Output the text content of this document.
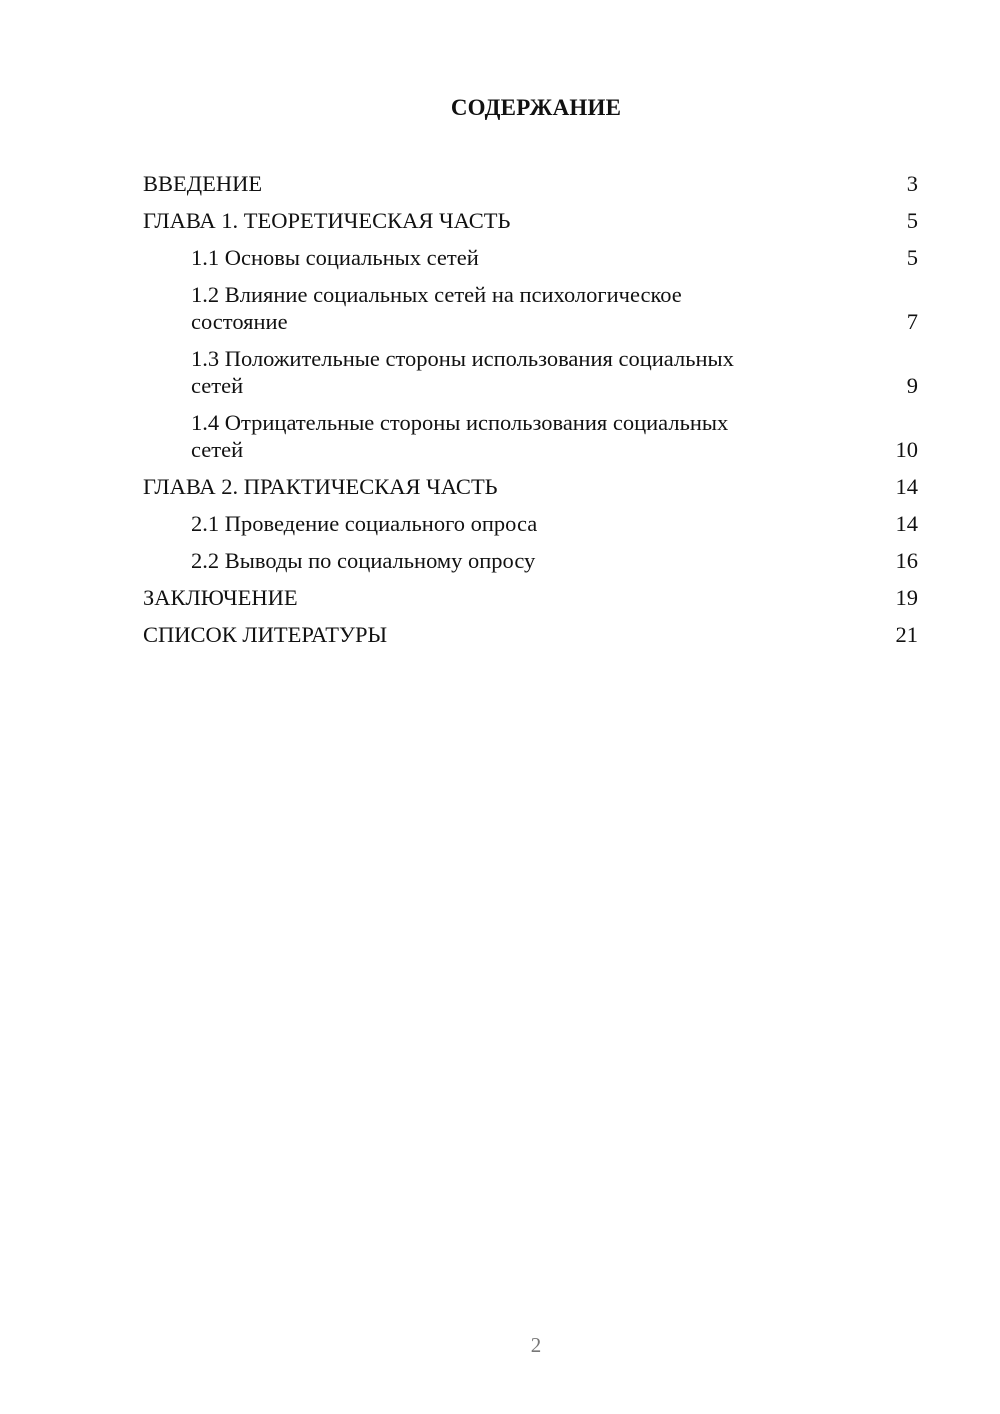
СОДЕРЖАНИЕ
ВВЕДЕНИЕ	3
ГЛАВА 1. ТЕОРЕТИЧЕСКАЯ ЧАСТЬ	5
1.1 Основы социальных сетей	5
1.2 Влияние социальных сетей на психологическое
состояние	7
1.3 Положительные стороны использования социальных
сетей	9
1.4 Отрицательные стороны использования социальных
сетей	10
ГЛАВА 2. ПРАКТИЧЕСКАЯ ЧАСТЬ	14
2.1 Проведение социального опроса	14
2.2 Выводы по социальному опросу	16
ЗАКЛЮЧЕНИЕ	19
СПИСОК ЛИТЕРАТУРЫ	21
2
